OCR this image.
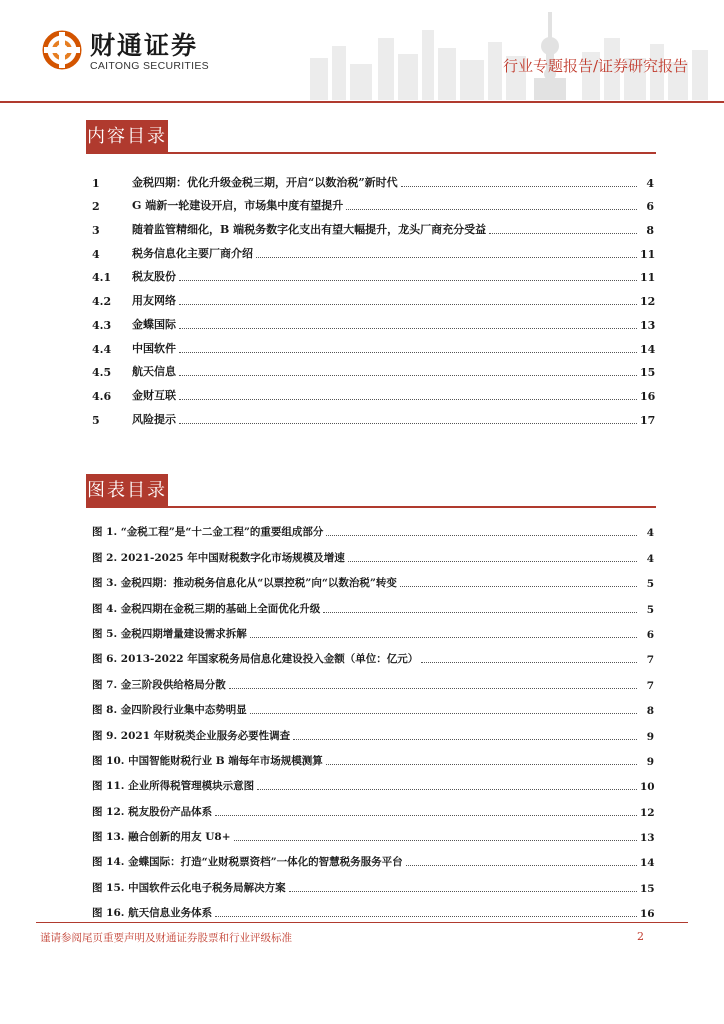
财通证券
CAITONG SECURITIES	行业专题报告/证券研究报告
内容目录
1	金税四期：优化升级金税三期，开启“以数治税”新时代	4
2	G 端新一轮建设开启，市场集中度有望提升	6
3	随着监管精细化，B 端税务数字化支出有望大幅提升，龙头厂商充分受益	8
4	税务信息化主要厂商介绍	11
4.1	税友股份	11
4.2	用友网络	12
4.3	金蝶国际	13
4.4	中国软件	14
4.5	航天信息	15
4.6	金财互联	16
5	风险提示	17
图表目录
图 1. “金税工程”是“十二金工程”的重要组成部分	4
图 2. 2021-2025 年中国财税数字化市场规模及增速	4
图 3. 金税四期：推动税务信息化从“以票控税”向“以数治税”转变	5
图 4. 金税四期在金税三期的基础上全面优化升级	5
图 5. 金税四期增量建设需求拆解	6
图 6. 2013-2022 年国家税务局信息化建设投入金额（单位：亿元）	7
图 7. 金三阶段供给格局分散	7
图 8. 金四阶段行业集中态势明显	8
图 9. 2021 年财税类企业服务必要性调查	9
图 10. 中国智能财税行业 B 端每年市场规模测算	9
图 11. 企业所得税管理模块示意图	10
图 12. 税友股份产品体系	12
图 13. 融合创新的用友 U8+	13
图 14. 金蝶国际：打造“业财税票资档”一体化的智慧税务服务平台	14
图 15. 中国软件云化电子税务局解决方案	15
图 16. 航天信息业务体系	16
谨请参阅尾页重要声明及财通证券股票和行业评级标准	2
